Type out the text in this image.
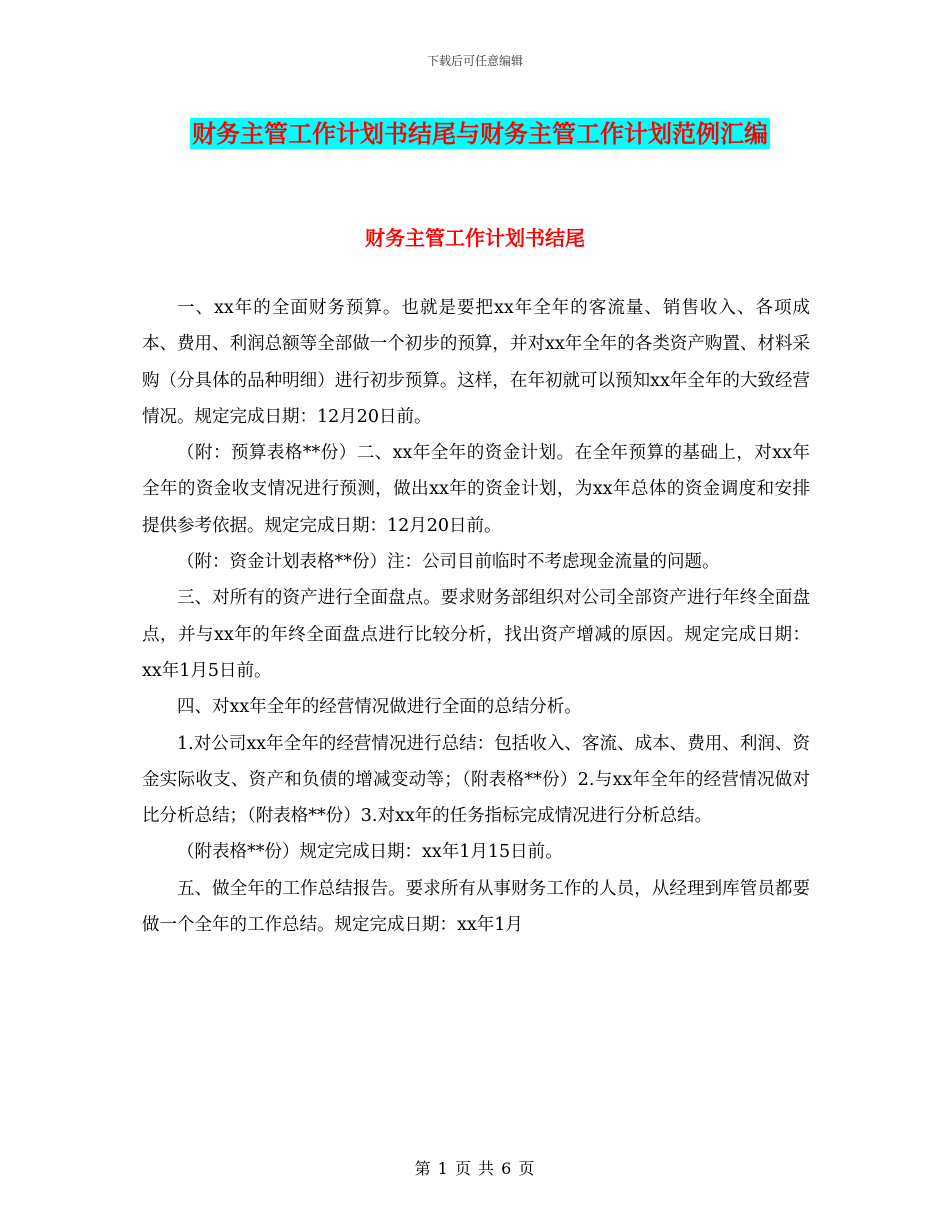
下载后可任意编辑
财务主管工作计划书结尾与财务主管工作计划范例汇编
财务主管工作计划书结尾

一、xx年的全面财务预算。也就是要把xx年全年的客流量、销售收入、各项成本、费用、利润总额等全部做一个初步的预算，并对xx年全年的各类资产购置、材料采购（分具体的品种明细）进行初步预算。这样，在年初就可以预知xx年全年的大致经营情况。规定完成日期：12月20日前。

（附：预算表格**份）二、xx年全年的资金计划。在全年预算的基础上，对xx年全年的资金收支情况进行预测，做出xx年的资金计划，为xx年总体的资金调度和安排提供参考依据。规定完成日期：12月20日前。

（附：资金计划表格**份）注：公司目前临时不考虑现金流量的问题。

三、对所有的资产进行全面盘点。要求财务部组织对公司全部资产进行年终全面盘点，并与xx年的年终全面盘点进行比较分析，找出资产增减的原因。规定完成日期：xx年1月5日前。

四、对xx年全年的经营情况做进行全面的总结分析。

1.对公司xx年全年的经营情况进行总结：包括收入、客流、成本、费用、利润、资金实际收支、资产和负债的增减变动等；（附表格**份）2.与xx年全年的经营情况做对比分析总结；（附表格**份）3.对xx年的任务指标完成情况进行分析总结。

（附表格**份）规定完成日期：xx年1月15日前。

五、做全年的工作总结报告。要求所有从事财务工作的人员，从经理到库管员都要做一个全年的工作总结。规定完成日期：xx年1月

第 1 页 共 6 页
